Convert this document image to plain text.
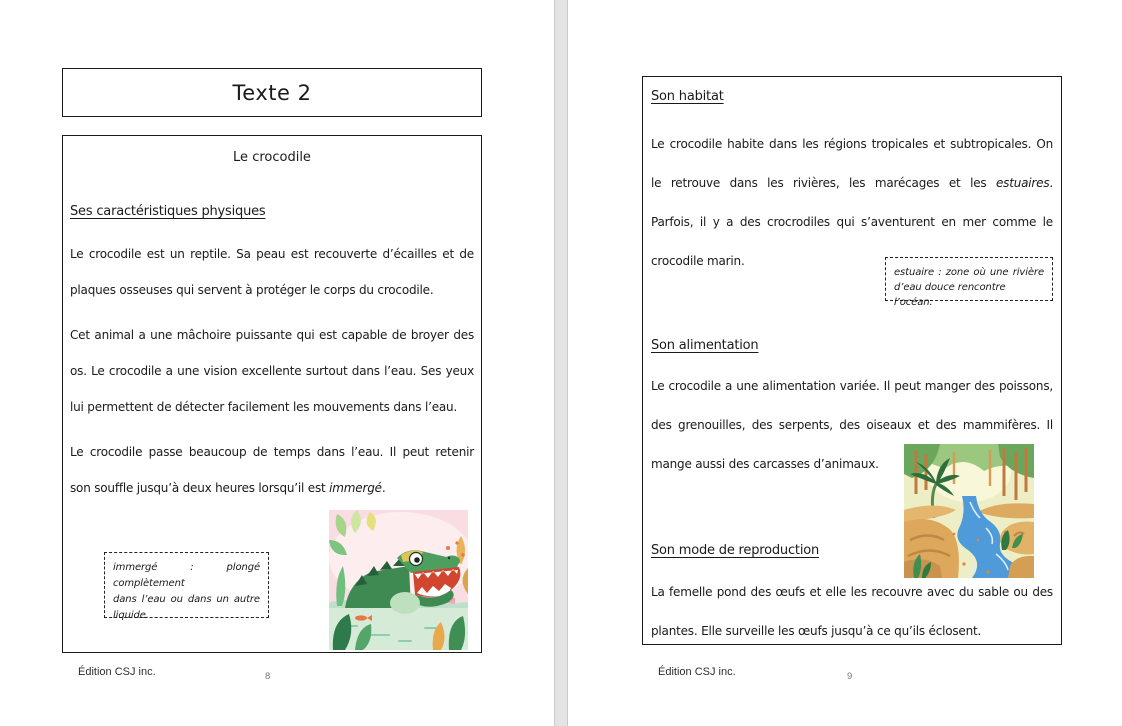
Texte 2
Le crocodile
Ses caractéristiques physiques
Le crocodile est un reptile. Sa peau est recouverte d’écailles et de
plaques osseuses qui servent à protéger le corps du crocodile.
Cet animal a une mâchoire puissante qui est capable de broyer des
os. Le crocodile a une vision excellente surtout dans l’eau. Ses yeux
lui permettent de détecter facilement les mouvements dans l’eau.
Le crocodile passe beaucoup de temps dans l’eau. Il peut retenir
son souffle jusqu’à deux heures lorsqu’il est immergé.
immergé : plongé complètement
dans l’eau ou dans un autre
liquide.
Édition CSJ inc.	8
Son habitat
Le crocodile habite dans les régions tropicales et subtropicales. On
le retrouve dans les rivières, les marécages et les estuaires.
Parfois, il y a des crocrodiles qui s’aventurent en mer comme le
crocodile marin.
estuaire : zone où une rivière
d’eau douce rencontre l’océan.
Son alimentation
Le crocodile a une alimentation variée. Il peut manger des poissons,
des grenouilles, des serpents, des oiseaux et des mammifères. Il
mange aussi des carcasses d’animaux.
Son mode de reproduction
La femelle pond des œufs et elle les recouvre avec du sable ou des
plantes. Elle surveille les œufs jusqu’à ce qu’ils éclosent.
Édition CSJ inc.	9
